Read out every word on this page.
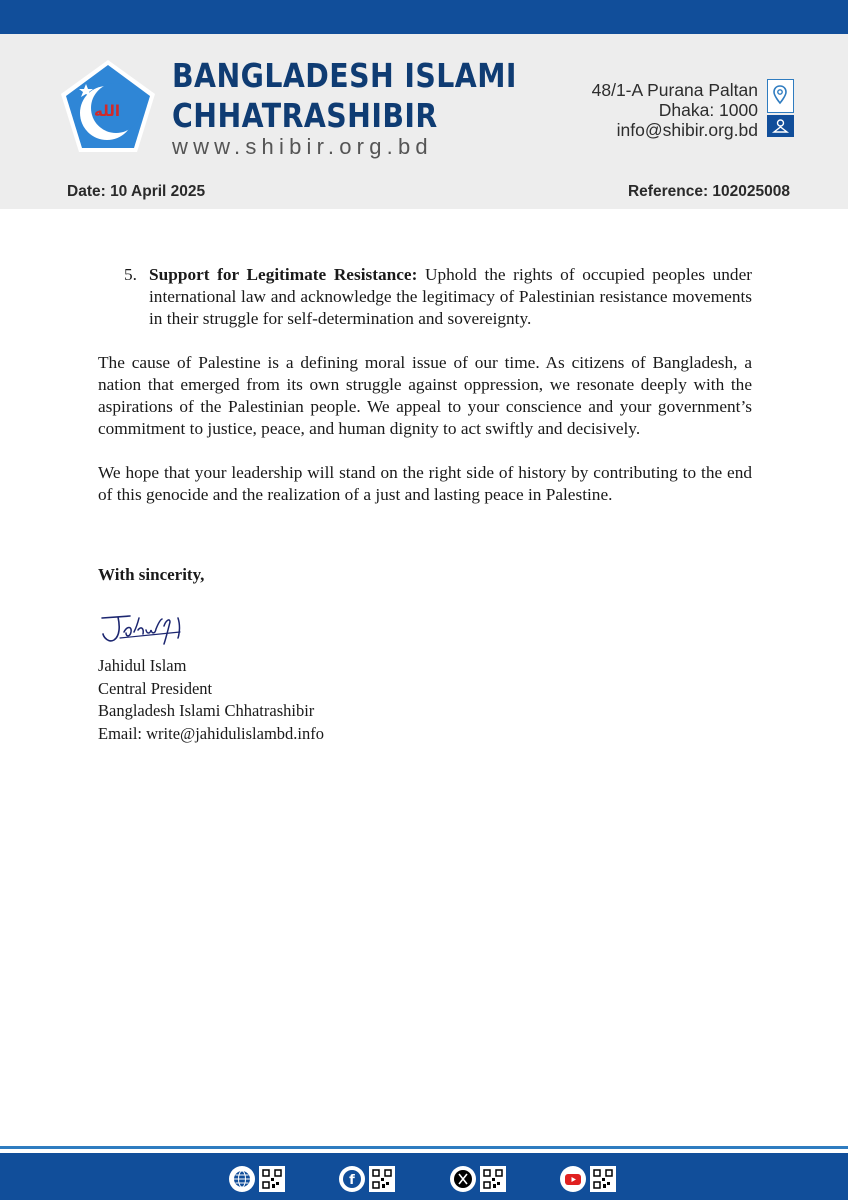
الله
BANGLADESH ISLAMI
CHHATRASHIBIR
www.shibir.org.bd
48/1-A Purana Paltan
Dhaka: 1000
info@shibir.org.bd
Date: 10 April 2025	Reference: 102025008
5. Support for Legitimate Resistance: Uphold the rights of occupied peoples under international law and acknowledge the legitimacy of Palestinian resistance movements in their struggle for self-determination and sovereignty.

The cause of Palestine is a defining moral issue of our time. As citizens of Bangladesh, a nation that emerged from its own struggle against oppression, we resonate deeply with the aspirations of the Palestinian people. We appeal to your conscience and your government’s commitment to justice, peace, and human dignity to act swiftly and decisively.

We hope that your leadership will stand on the right side of history by contributing to the end of this genocide and the realization of a just and lasting peace in Palestine.

With sincerity,
Jahidul Islam
Central President
Bangladesh Islami Chhatrashibir
Email: write@jahidulislambd.info
f
